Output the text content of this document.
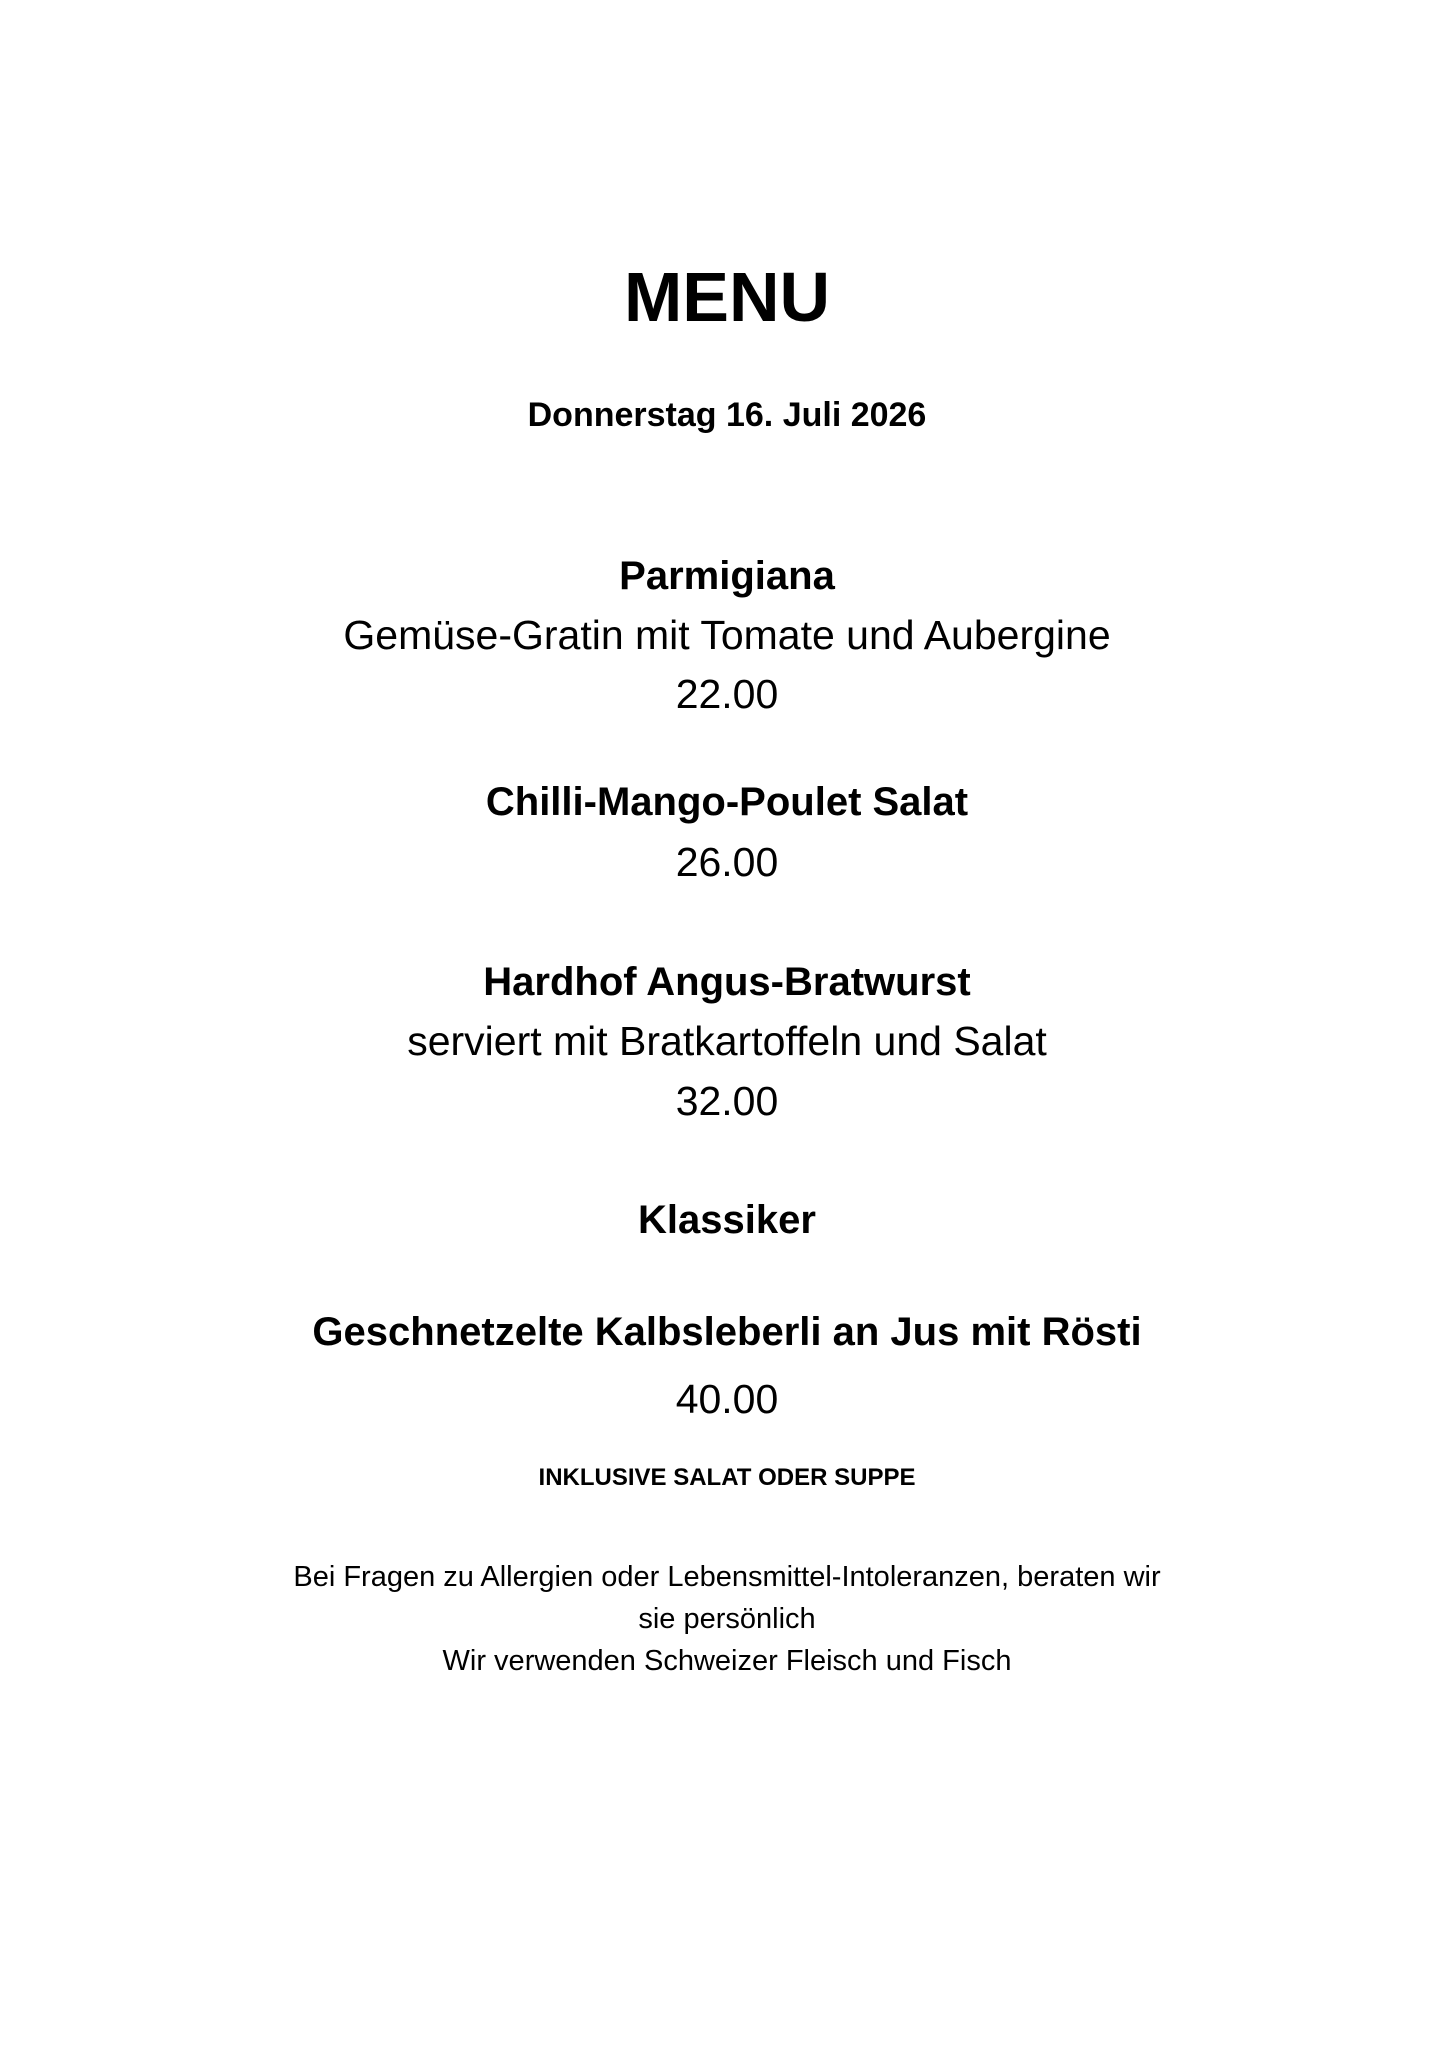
MENU
Donnerstag 16. Juli 2026
Parmigiana
Gemüse-Gratin mit Tomate und Aubergine
22.00
Chilli-Mango-Poulet Salat
26.00
Hardhof Angus-Bratwurst
serviert mit Bratkartoffeln und Salat
32.00
Klassiker
Geschnetzelte Kalbsleberli an Jus mit Rösti
40.00
INKLUSIVE SALAT ODER SUPPE
Bei Fragen zu Allergien oder Lebensmittel-Intoleranzen, beraten wir
sie persönlich
Wir verwenden Schweizer Fleisch und Fisch
